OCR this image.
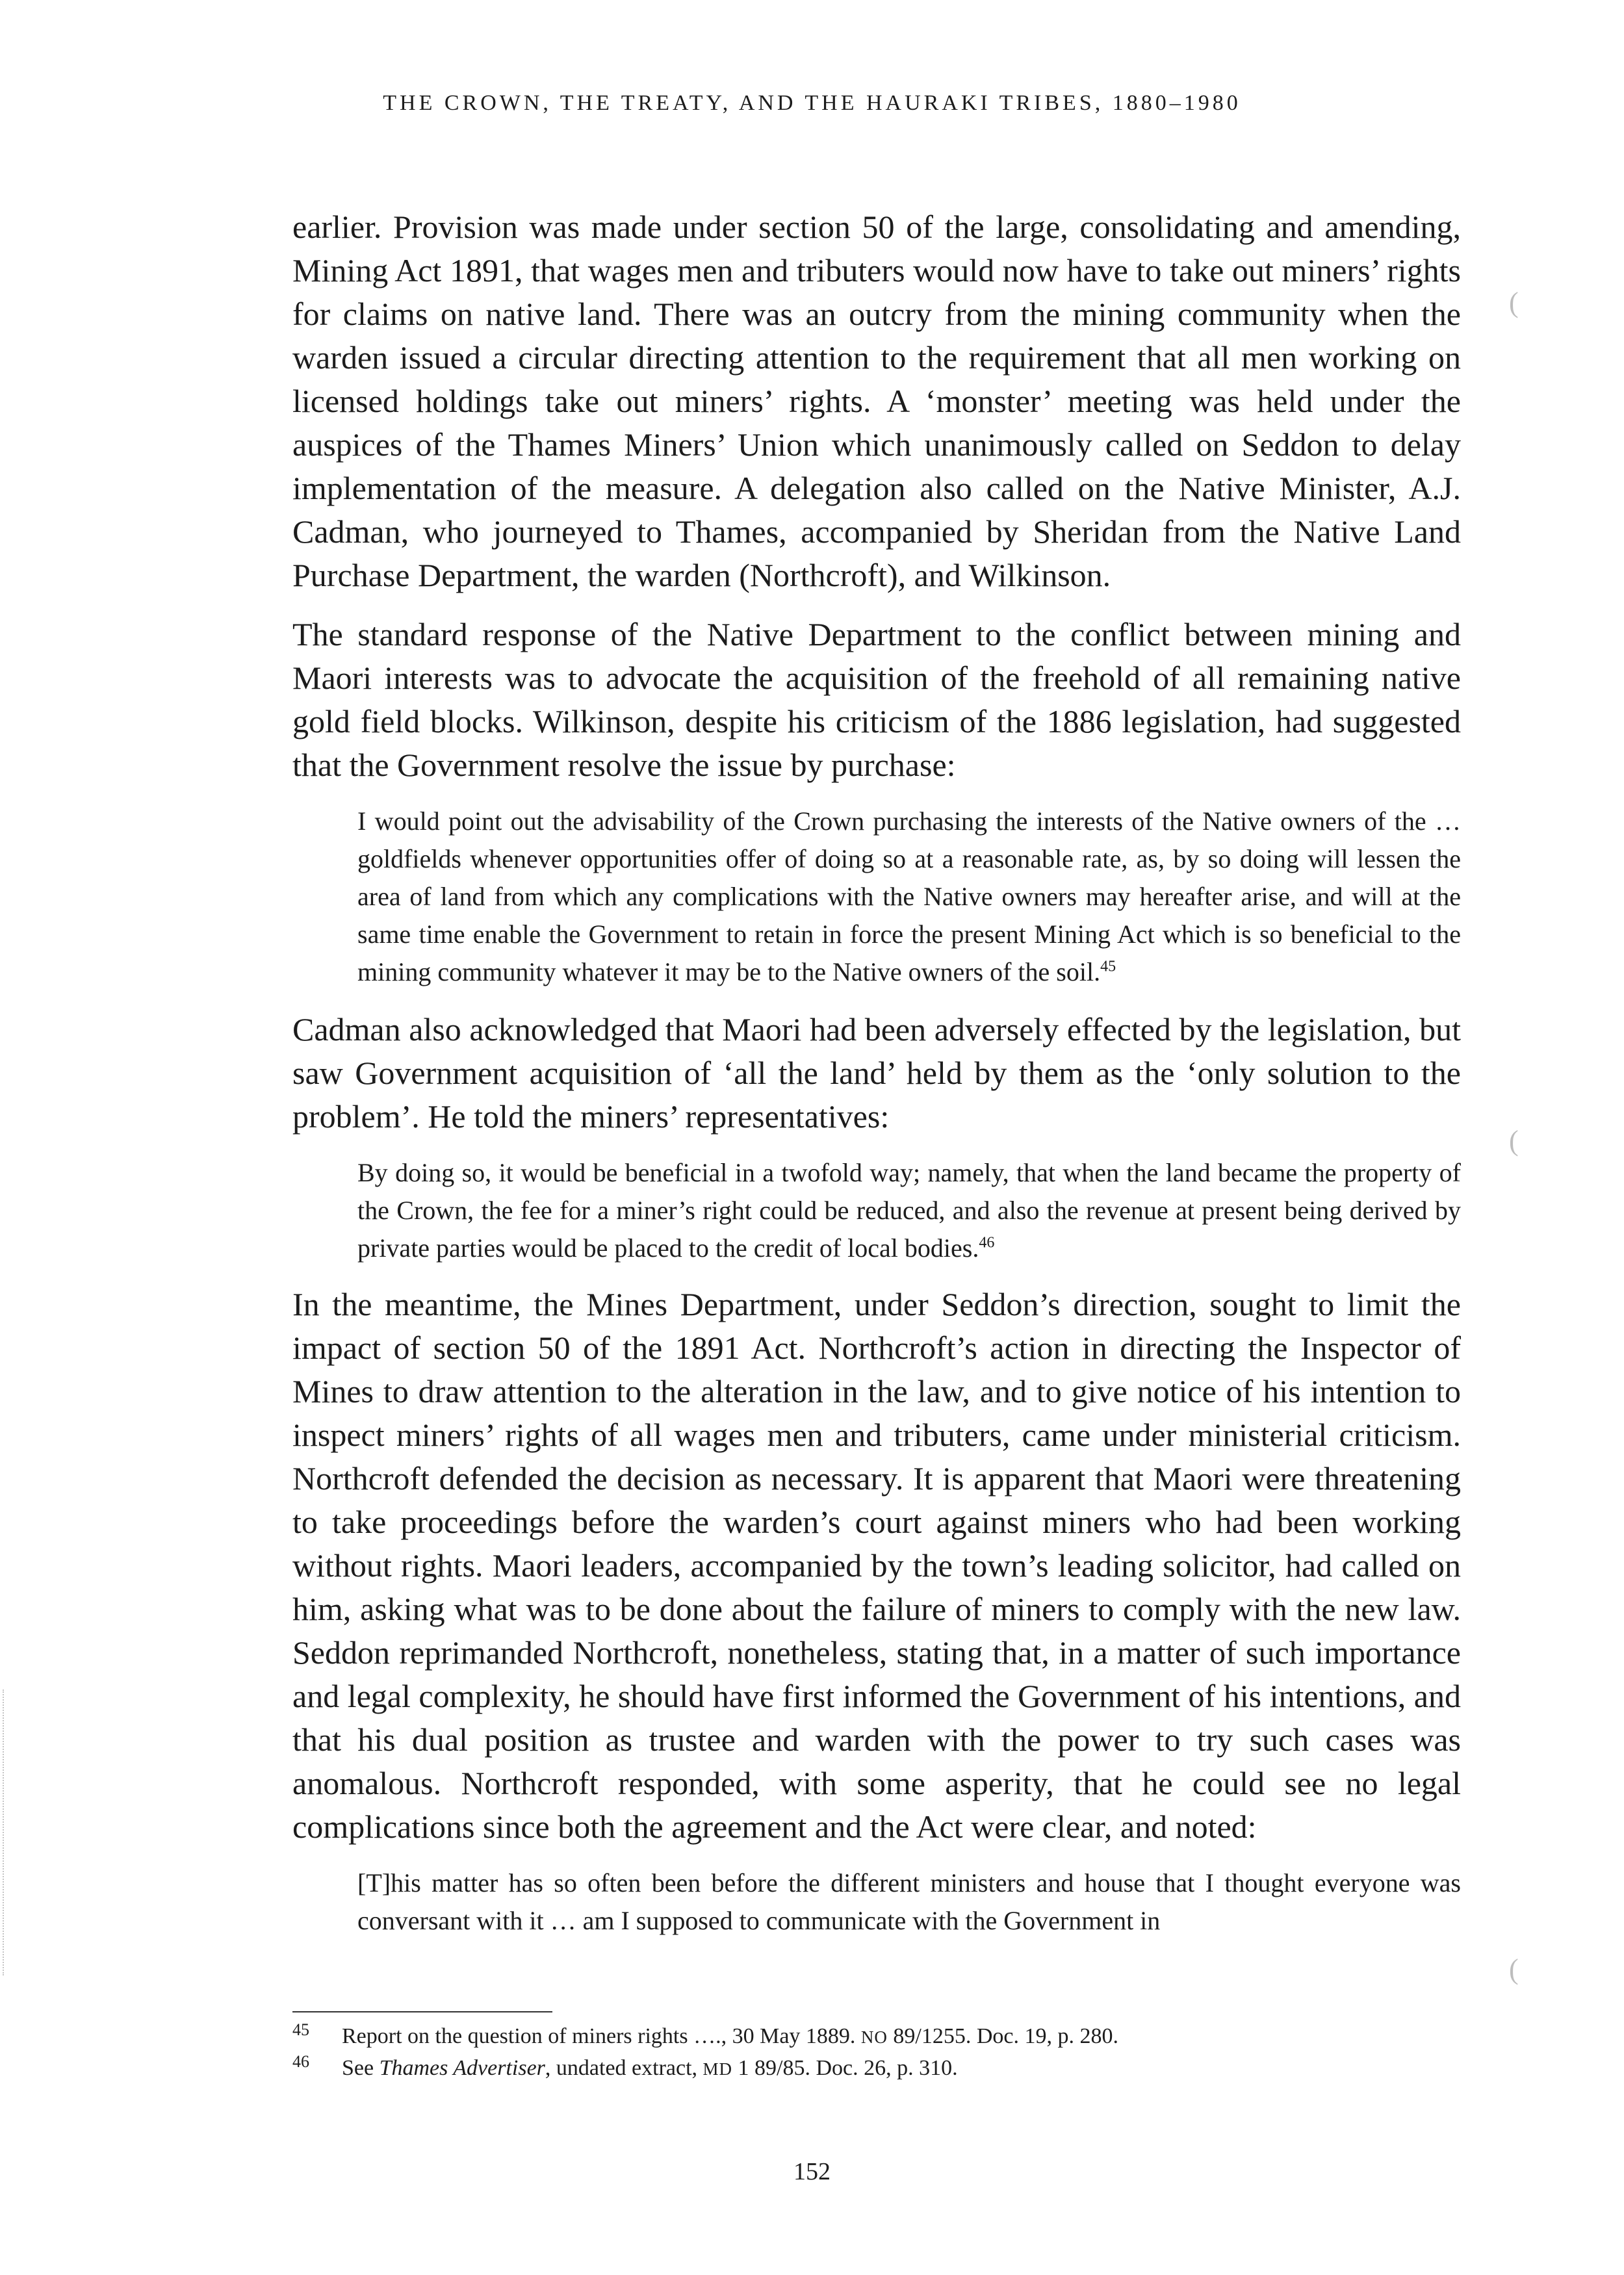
THE CROWN, THE TREATY, AND THE HAURAKI TRIBES, 1880–1980

earlier. Provision was made under section 50 of the large, consolidating and amending, Mining Act 1891, that wages men and tributers would now have to take out miners’ rights for claims on native land. There was an outcry from the mining community when the warden issued a circular directing attention to the requirement that all men working on licensed holdings take out miners’ rights. A ‘monster’ meeting was held under the auspices of the Thames Miners’ Union which unanimously called on Seddon to delay implementation of the measure. A delegation also called on the Native Minister, A.J. Cadman, who journeyed to Thames, accompanied by Sheridan from the Native Land Purchase Department, the warden (Northcroft), and Wilkinson.

The standard response of the Native Department to the conflict between mining and Maori interests was to advocate the acquisition of the freehold of all remaining native gold field blocks. Wilkinson, despite his criticism of the 1886 legislation, had suggested that the Government resolve the issue by purchase:

I would point out the advisability of the Crown purchasing the interests of the Native owners of the … goldfields whenever opportunities offer of doing so at a reasonable rate, as, by so doing will lessen the area of land from which any complications with the Native owners may hereafter arise, and will at the same time enable the Government to retain in force the present Mining Act which is so beneficial to the mining community whatever it may be to the Native owners of the soil.$^{45}$

Cadman also acknowledged that Maori had been adversely effected by the legislation, but saw Government acquisition of ‘all the land’ held by them as the ‘only solution to the problem’. He told the miners’ representatives:

By doing so, it would be beneficial in a twofold way; namely, that when the land became the property of the Crown, the fee for a miner’s right could be reduced, and also the revenue at present being derived by private parties would be placed to the credit of local bodies.$^{46}$

In the meantime, the Mines Department, under Seddon’s direction, sought to limit the impact of section 50 of the 1891 Act. Northcroft’s action in directing the Inspector of Mines to draw attention to the alteration in the law, and to give notice of his intention to inspect miners’ rights of all wages men and tributers, came under ministerial criticism. Northcroft defended the decision as necessary. It is apparent that Maori were threatening to take proceedings before the warden’s court against miners who had been working without rights. Maori leaders, accompanied by the town’s leading solicitor, had called on him, asking what was to be done about the failure of miners to comply with the new law. Seddon reprimanded Northcroft, nonetheless, stating that, in a matter of such importance and legal complexity, he should have first informed the Government of his intentions, and that his dual position as trustee and warden with the power to try such cases was anomalous. Northcroft responded, with some asperity, that he could see no legal complications since both the agreement and the Act were clear, and noted:

[T]his matter has so often been before the different ministers and house that I thought everyone was conversant with it … am I supposed to communicate with the Government in

(
(
(
152
45 Report on the question of miners rights …., 30 May 1889. NO 89/1255. Doc. 19, p. 280.
46 See Thames Advertiser, undated extract, MD 1 89/85. Doc. 26, p. 310.
